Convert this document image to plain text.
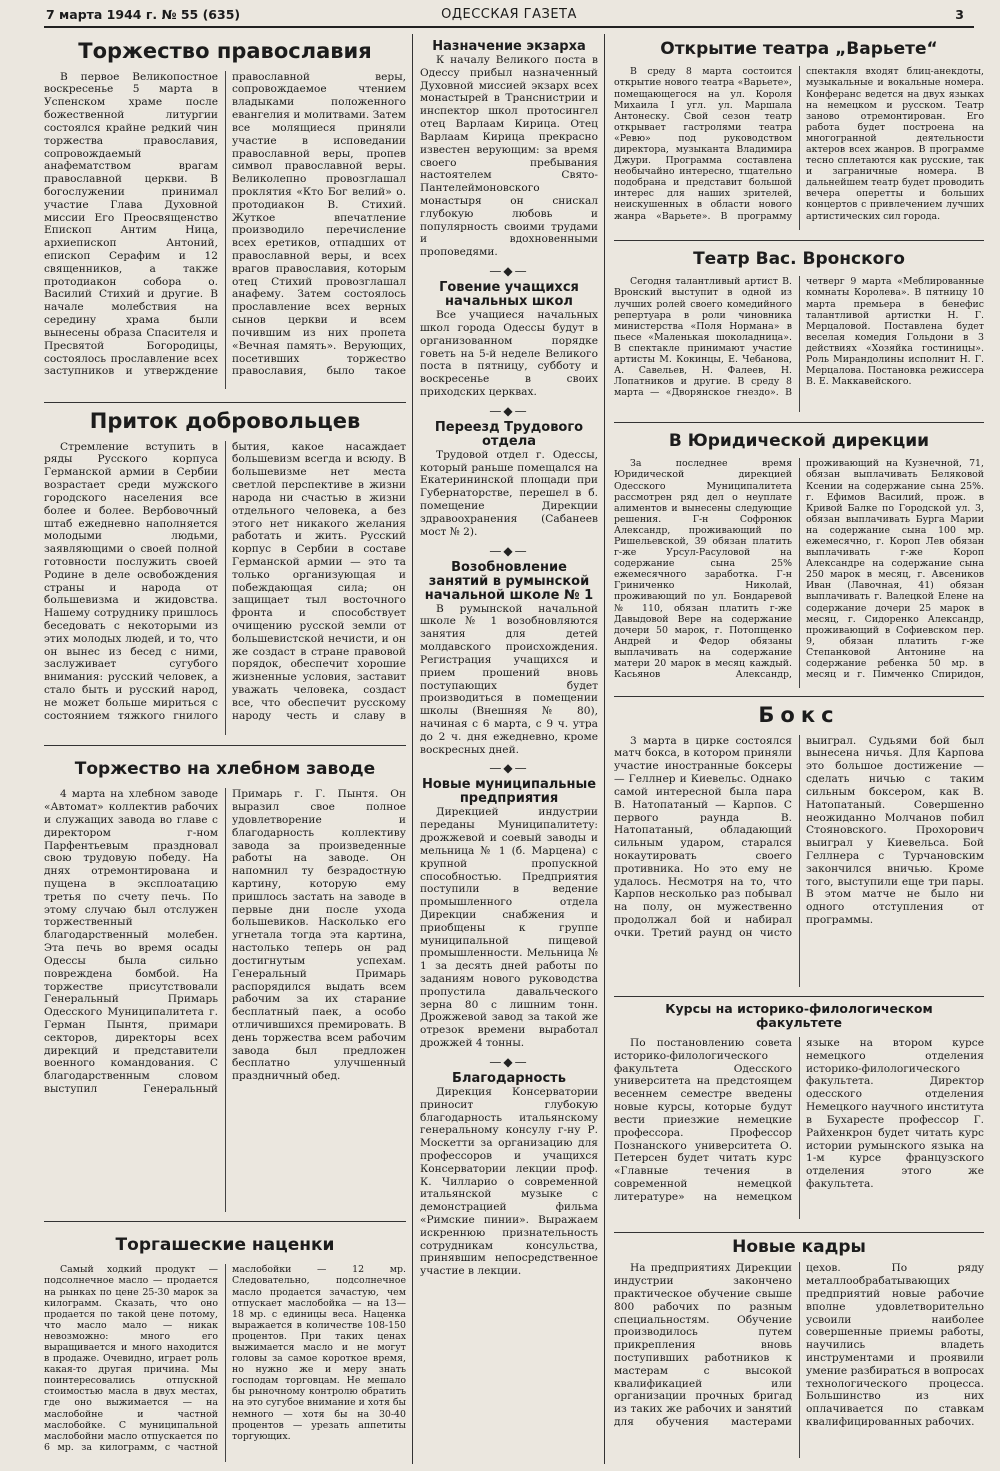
7 марта 1944 г. № 55 (635)	ОДЕССКАЯ ГАЗЕТА	3
Торжество православия

В первое Великопостное воскресенье 5 марта в Успенском храме после божественной литургии состоялся крайне редкий чин торжества православия, сопровождаемый анафематством врагам православной церкви. В богослужении принимал участие Глава Духовной миссии Его Преосвященство Епископ Антим Ница, архиепископ Антоний, епископ Серафим и 12 священников, а также протодиакон собора о. Василий Стихий и другие. В начале молебствия на середину храма были вынесены образа Спасителя и Пресвятой Богородицы, состоялось прославление всех заступников и утверждение православной веры, сопровождаемое чтением владыками положенного евангелия и молитвами. Затем все молящиеся приняли участие в исповедании православной веры, пропев символ православной веры. Великолепно провозглашал проклятия «Кто Бог велий» о. протодиакон В. Стихий. Жуткое впечатление производило перечисление всех еретиков, отпадших от православной веры, и всех врагов православия, которым отец Стихий провозглашал анафему. Затем состоялось прославление всех верных сынов церкви и всем почившим из них пропета «Вечная память». Верующих, посетивших торжество православия, было такое

Приток добровольцев

Стремление вступить в ряды Русского корпуса Германской армии в Сербии возрастает среди мужского городского населения все более и более. Вербовочный штаб ежедневно наполняется молодыми людьми, заявляющими о своей полной готовности послужить своей Родине в деле освобождения страны и народа от большевизма и жидовства. Нашему сотруднику пришлось беседовать с некоторыми из этих молодых людей, и то, что он вынес из бесед с ними, заслуживает сугубого внимания: русский человек, а стало быть и русский народ, не может больше мириться с состоянием тяжкого гнилого бытия, какое насаждает большевизм всегда и всюду. В большевизме нет места светлой перспективе в жизни народа ни счастью в жизни отдельного человека, а без этого нет никакого желания работать и жить. Русский корпус в Сербии в составе Германской армии — это та только организующая и побеждающая сила; он защищает тыл восточного фронта и способствует очищению русской земли от большевистской нечисти, и он же создаст в стране правовой порядок, обеспечит хорошие жизненные условия, заставит уважать человека, создаст все, что обеспечит русскому народу честь и славу в

Торжество на хлебном заводе

4 марта на хлебном заводе «Автомат» коллектив рабочих и служащих завода во главе с директором г-ном Парфентьевым праздновал свою трудовую победу. На днях отремонтирована и пущена в эксплоатацию третья по счету печь. По этому случаю был отслужен торжественный благодарственный молебен. Эта печь во время осады Одессы была сильно повреждена бомбой. На торжестве присутствовали Генеральный Примарь Одесского Муниципалитета г. Герман Пынтя, примари секторов, директоры всех дирекций и представители военного командования. С благодарственным словом выступил Генеральный Примарь г. Г. Пынтя. Он выразил свое полное удовлетворение и благодарность коллективу завода за произведенные работы на заводе. Он напомнил ту безрадостную картину, которую ему пришлось застать на заводе в первые дни после ухода большевиков. Насколько его угнетала тогда эта картина, настолько теперь он рад достигнутым успехам. Генеральный Примарь распорядился выдать всем рабочим за их старание бесплатный паек, а особо отличившихся премировать. В день торжества всем рабочим завода был предложен бесплатно улучшенный праздничный обед.

Торгашеские наценки

Самый ходкий продукт — подсолнечное масло — продается на рынках по цене 25-30 марок за килограмм. Сказать, что оно продается по такой цене потому, что масло мало — никак невозможно: много его выращивается и много находится в продаже. Очевидно, играет роль какая-то другая причина. Мы поинтересовались отпускной стоимостью масла в двух местах, где оно выжимается — на маслобойне и частной маслобойке. С муниципальной маслобойни масло отпускается по 6 мр. за килограмм, с частной маслобойки — 12 мр. Следовательно, подсолнечное масло продается зачастую, чем отпускает маслобойка — на 13—18 мр. с единицы веса. Наценка выражается в количестве 108-150 процентов. При таких ценах выжимается масло и не могут головы за самое короткое время, но нужно же и меру знать господам торговцам. Не мешало бы рыночному контролю обратить на это сугубое внимание и хотя бы немного — хотя бы на 30-40 процентов — урезать аппетиты торгующих.

Назначение экзарха

К началу Великого поста в Одессу прибыл назначенный Духовной миссией экзарх всех монастырей в Транснистрии и инспектор школ протосингел отец Варлаам Кирица. Отец Варлаам Кирица прекрасно известен верующим: за время своего пребывания настоятелем Свято-Пантелеймоновского монастыря он снискал глубокую любовь и популярность своими трудами и вдохновенными проповедями.

—◆—
Говение учащихся начальных школ

Все учащиеся начальных школ города Одессы будут в организованном порядке говеть на 5-й неделе Великого поста в пятницу, субботу и воскресенье в своих приходских церквах.

—◆—
Переезд Трудового отдела

Трудовой отдел г. Одессы, который раньше помещался на Екатерининской площади при Губернаторстве, перешел в б. помещение Дирекции здравоохранения (Сабанеев мост № 2).

—◆—
Возобновление занятий в румынской начальной школе № 1

В румынской начальной школе № 1 возобновляются занятия для детей молдавского происхождения. Регистрация учащихся и прием прошений вновь поступающих будет производиться в помещении школы (Внешняя № 80), начиная с 6 марта, с 9 ч. утра до 2 ч. дня ежедневно, кроме воскресных дней.

—◆—
Новые муниципальные предприятия

Дирекцией индустрии переданы Муниципалитету: дрожжевой и соевый заводы и мельница № 1 (б. Марцена) с крупной пропускной способностью. Предприятия поступили в ведение промышленного отдела Дирекции снабжения и приобщены к группе муниципальной пищевой промышленности. Мельница № 1 за десять дней работы по заданиям нового руководства пропустила давальческого зерна 80 с лишним тонн. Дрожжевой завод за такой же отрезок времени выработал дрожжей 4 тонны.

—◆—
Благодарность

Дирекция Консерватории приносит глубокую благодарность итальянскому генеральному консулу г-ну Р. Москетти за организацию для профессоров и учащихся Консерватории лекции проф. К. Чилларио о современной итальянской музыке с демонстрацией фильма «Римские пинии». Выражаем искреннюю признательность сотрудникам консульства, принявшим непосредственное участие в лекции.

Открытие театра „Варьете“

В среду 8 марта состоится открытие нового театра «Варьете», помещающегося на ул. Короля Михаила I угл. ул. Маршала Антонеску. Свой сезон театр открывает гастролями театра «Ревю» под руководством директора, музыканта Владимира Джури. Программа составлена необычайно интересно, тщательно подобрана и представит большой интерес для наших зрителей, неискушенных в области нового жанра «Варьете». В программу спектакля входят блиц-анекдоты, музыкальные и вокальные номера. Конферанс ведется на двух языках на немецком и русском. Театр заново отремонтирован. Его работа будет построена на многогранной деятельности актеров всех жанров. В программе тесно сплетаются как русские, так и заграничные номера. В дальнейшем театр будет проводить вечера оперетты и больших концертов с привлечением лучших артистических сил города.

Театр Вас. Вронского

Сегодня талантливый артист В. Вронский выступит в одной из лучших ролей своего комедийного репертуара в роли чиновника министерства «Поля Нормана» в пьесе «Маленькая шоколадница». В спектакле принимают участие артисты М. Кокинцы, Е. Чебанова, А. Савельев, Н. Фалеев, Н. Лопатников и другие. В среду 8 марта — «Дворянское гнездо». В четверг 9 марта «Меблированные комнаты Королева». В пятницу 10 марта премьера в бенефис талантливой артистки Н. Г. Мерцаловой. Поставлена будет веселая комедия Гольдони в 3 действиях «Хозяйка гостиницы». Роль Мирандолины исполнит Н. Г. Мерцалова. Постановка режиссера В. Е. Маккавейского.

В Юридической дирекции

За последнее время Юридической дирекцией Одесского Муниципалитета рассмотрен ряд дел о неуплате алиментов и вынесены следующие решения. Г-н Софронюк Александр, проживающий по Ришельевской, 39 обязан платить г-же Урсул-Расуловой на содержание сына 25% ежемесячного заработка. Г-н Гриниченко Николай, проживающий по ул. Бондаревой № 110, обязан платить г-же Давыдовой Вере на содержание дочери 50 марок, г. Потопщенко Андрей и Федор обязаны выплачивать на содержание матери 20 марок в месяц каждый. Касьянов Александр, проживающий на Кузнечной, 71, обязан выплачивать Беляковой Ксении на содержание сына 25%. г. Ефимов Василий, прож. в Кривой Балке по Городской ул. 3, обязан выплачивать Бурга Марии на содержание сына 100 мр. ежемесячно, г. Короп Лев обязан выплачивать г-же Короп Александре на содержание сына 250 марок в месяц, г. Авсеников Иван (Лавочная, 41) обязан выплачивать г. Валецкой Елене на содержание дочери 25 марок в месяц, г. Сидоренко Александр, проживающий в Софиевском пер. 9, обязан платить г-же Степанковой Антонине на содержание ребенка 50 мр. в месяц и г. Пимченко Спиридон,

Бокс

3 марта в цирке состоялся матч бокса, в котором приняли участие иностранные боксеры — Геллнер и Киевельс. Однако самой интересной была пара В. Натопатаный — Карпов. С первого раунда В. Натопатаный, обладающий сильным ударом, старался нокаутировать своего противника. Но это ему не удалось. Несмотря на то, что Карпов несколько раз побывал на полу, он мужественно продолжал бой и набирал очки. Третий раунд он чисто выиграл. Судьями бой был вынесена ничья. Для Карпова это большое достижение — сделать ничью с таким сильным боксером, как В. Натопатаный. Совершенно неожиданно Молчанов побил Стояновского. Прохорович выиграл у Киевельса. Бой Геллнера с Турчановским закончился вничью. Кроме того, выступили еще три пары. В этом матче не было ни одного отступления от программы.

Курсы на историко-филологическом факультете

По постановлению совета историко-филологического факультета Одесского университета на предстоящем весеннем семестре введены новые курсы, которые будут вести приезжие немецкие профессора. Профессор Познанского университета О. Петерсен будет читать курс «Главные течения в современной немецкой литературе» на немецком языке на втором курсе немецкого отделения историко-филологического факультета. Директор одесского отделения Немецкого научного института в Бухаресте профессор Г. Райхенкрон будет читать курс истории румынского языка на 1-м курсе французского отделения этого же факультета.

Новые кадры

На предприятиях Дирекции индустрии закончено практическое обучение свыше 800 рабочих по разным специальностям. Обучение производилось путем прикрепления вновь поступивших работников к мастерам с высокой квалификацией или организации прочных бригад из таких же рабочих и занятий для обучения мастерами цехов. По ряду металлообрабатывающих предприятий новые рабочие вполне удовлетворительно усвоили наиболее совершенные приемы работы, научились владеть инструментами и проявили умение разбираться в вопросах технологического процесса. Большинство из них оплачивается по ставкам квалифицированных рабочих.
